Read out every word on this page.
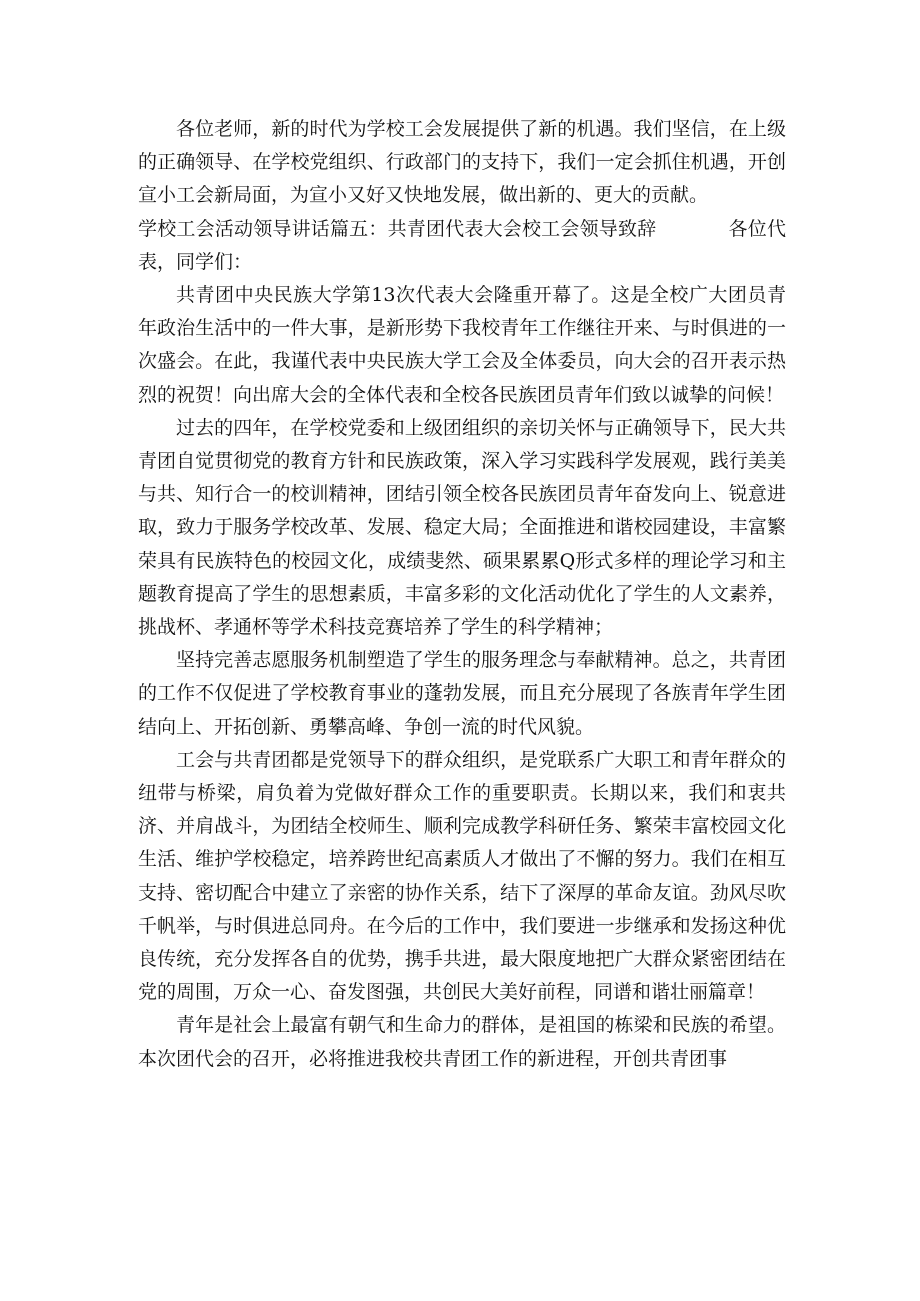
各位老师，新的时代为学校工会发展提供了新的机遇。我们坚信，在上级的正确领导、在学校党组织、行政部门的支持下，我们一定会抓住机遇，开创宣小工会新局面，为宣小又好又快地发展，做出新的、更大的贡献。

学校工会活动领导讲话篇五：共青团代表大会校工会领导致辞	各位代表，同学们：

共青团中央民族大学第13次代表大会隆重开幕了。这是全校广大团员青年政治生活中的一件大事，是新形势下我校青年工作继往开来、与时俱进的一次盛会。在此，我谨代表中央民族大学工会及全体委员，向大会的召开表示热烈的祝贺！向出席大会的全体代表和全校各民族团员青年们致以诚挚的问候！

过去的四年，在学校党委和上级团组织的亲切关怀与正确领导下，民大共青团自觉贯彻党的教育方针和民族政策，深入学习实践科学发展观，践行美美与共、知行合一的校训精神，团结引领全校各民族团员青年奋发向上、锐意进取，致力于服务学校改革、发展、稳定大局；全面推进和谐校园建设，丰富繁荣具有民族特色的校园文化，成绩斐然、硕果累累Q形式多样的理论学习和主题教育提高了学生的思想素质，丰富多彩的文化活动优化了学生的人文素养，挑战杯、孝通杯等学术科技竞赛培养了学生的科学精神；

坚持完善志愿服务机制塑造了学生的服务理念与奉献精神。总之，共青团的工作不仅促进了学校教育事业的蓬勃发展，而且充分展现了各族青年学生团结向上、开拓创新、勇攀高峰、争创一流的时代风貌。

工会与共青团都是党领导下的群众组织，是党联系广大职工和青年群众的纽带与桥梁，肩负着为党做好群众工作的重要职责。长期以来，我们和衷共济、并肩战斗，为团结全校师生、顺利完成教学科研任务、繁荣丰富校园文化生活、维护学校稳定，培养跨世纪高素质人才做出了不懈的努力。我们在相互支持、密切配合中建立了亲密的协作关系，结下了深厚的革命友谊。劲风尽吹千帆举，与时俱进总同舟。在今后的工作中，我们要进一步继承和发扬这种优良传统，充分发挥各自的优势，携手共进，最大限度地把广大群众紧密团结在党的周围，万众一心、奋发图强，共创民大美好前程，同谱和谐壮丽篇章！

青年是社会上最富有朝气和生命力的群体，是祖国的栋梁和民族的希望。本次团代会的召开，必将推进我校共青团工作的新进程，开创共青团事
